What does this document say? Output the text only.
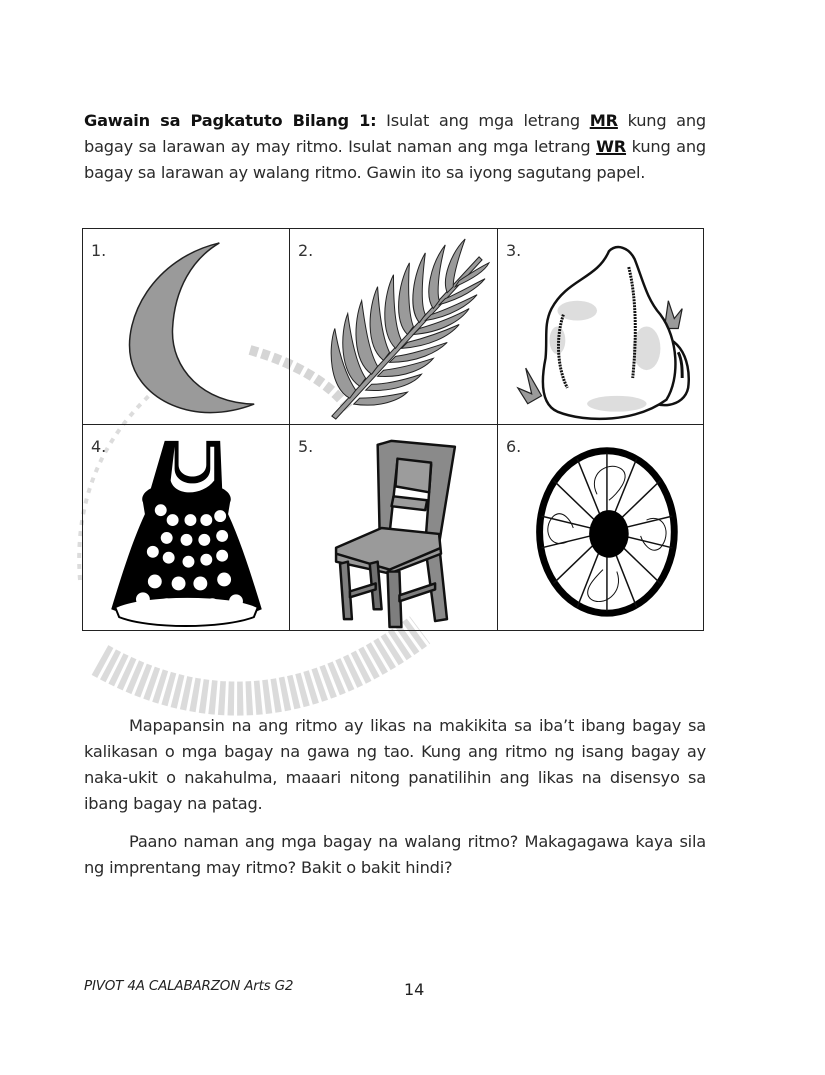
Gawain sa Pagkatuto Bilang 1: Isulat ang mga letrang MR kung ang bagay sa larawan ay may ritmo. Isulat naman ang mga letrang WR kung ang bagay sa larawan ay walang ritmo. Gawin ito sa iyong sagutang papel.
1.	2.	3.
4.	5.	6.

Mapapansin na ang ritmo ay likas na makikita sa iba’t ibang bagay sa kalikasan o mga bagay na gawa ng tao. Kung ang ritmo ng isang bagay ay naka-ukit o nakahulma, maaari nitong panatilihin ang likas na disensyo sa ibang bagay na patag.

Paano naman ang mga bagay na walang ritmo? Makagagawa kaya sila ng imprentang may ritmo? Bakit o bakit hindi?

PIVOT 4A CALABARZON Arts G2	14
